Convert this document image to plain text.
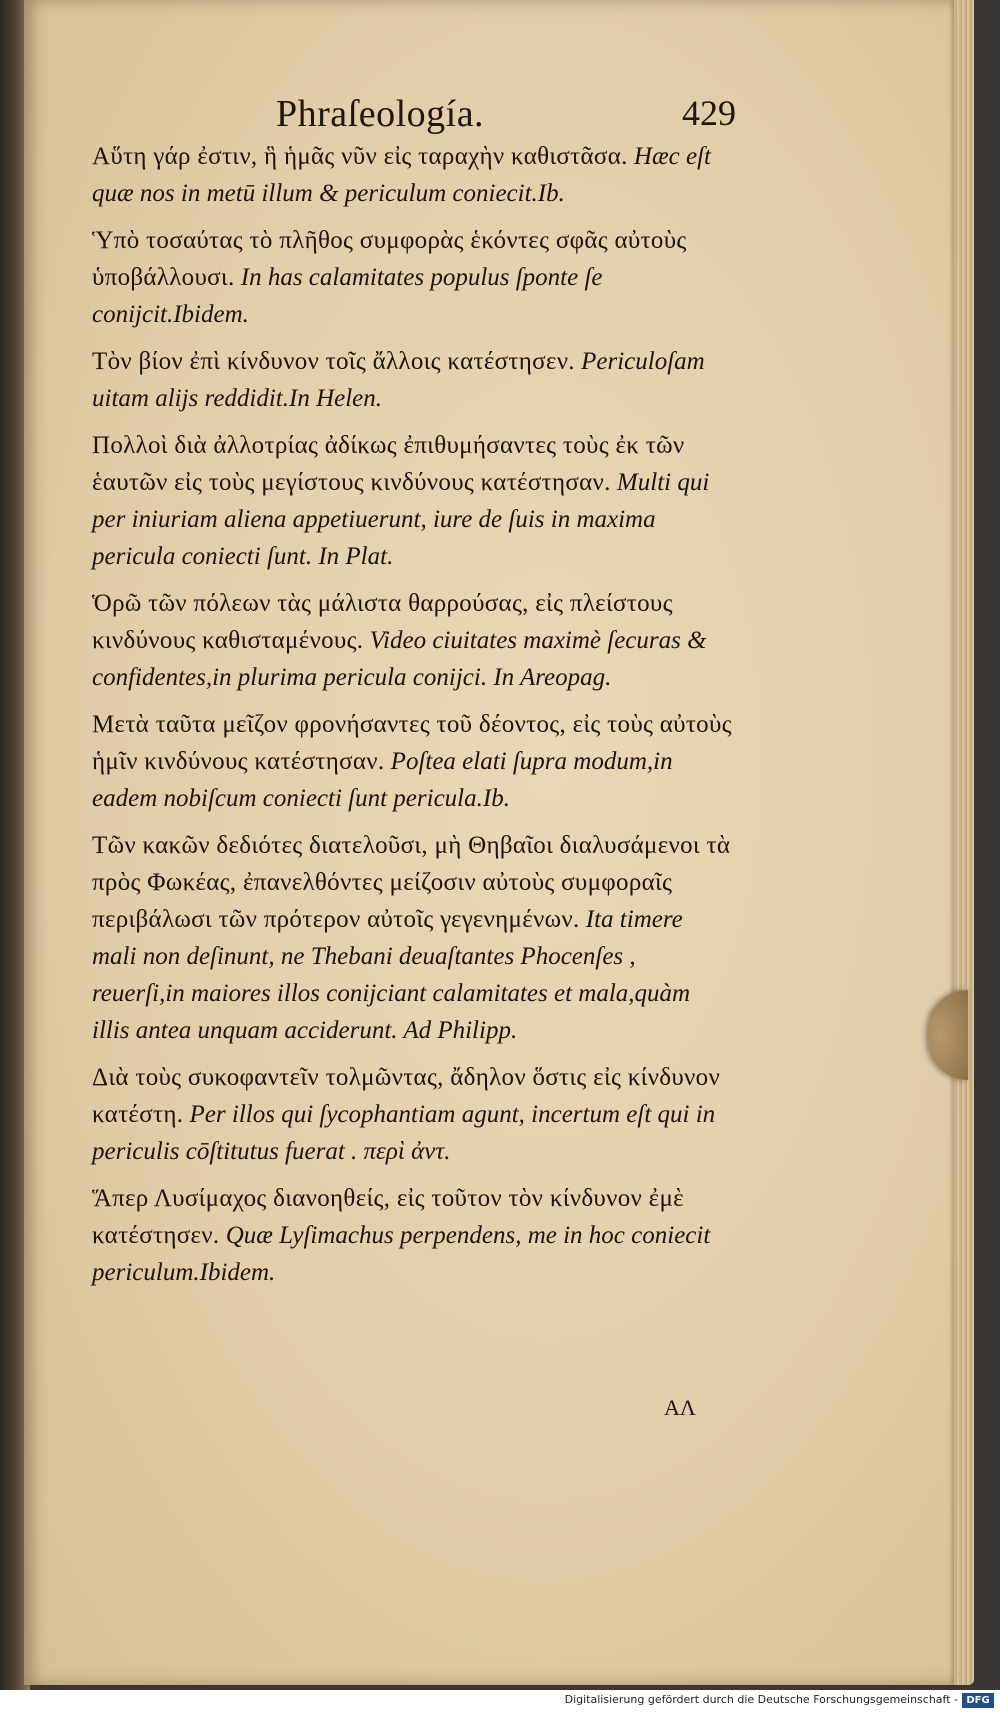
Phraſeología.	429

Αὕτη γάρ ἐστιν, ἣ ἡμᾶς νῦν εἰς ταραχὴν καθιστᾶσα. Hæc eſt quæ nos in metū illum & periculum coniecit.Ib.

Ὑπὸ τοσαύτας τὸ πλῆθος συμφορὰς ἑκόντες σφᾶς αὐτοὺς ὑποβάλλουσι. In has calamitates populus ſponte ſe conijcit.Ibidem.

Τὸν βίον ἐπὶ κίνδυνον τοῖς ἄλλοις κατέστησεν. Periculoſam uitam alijs reddidit.In Helen.

Πολλοὶ διὰ ἀλλοτρίας ἀδίκως ἐπιθυμήσαντες τοὺς ἐκ τῶν ἑαυτῶν εἰς τοὺς μεγίστους κινδύνους κατέστησαν. Multi qui per iniuriam aliena appetiuerunt, iure de ſuis in maxima pericula coniecti ſunt. In Plat.

Ὁρῶ τῶν πόλεων τὰς μάλιστα θαρρούσας, εἰς πλείστους κινδύνους καθισταμένους. Video ciuitates maximè ſecuras & confidentes,in plurima pericula conijci. In Areopag.

Μετὰ ταῦτα μεῖζον φρονήσαντες τοῦ δέοντος, εἰς τοὺς αὐτοὺς ἡμῖν κινδύνους κατέστησαν. Poſtea elati ſupra modum,in eadem nobiſcum coniecti ſunt pericula.Ib.

Τῶν κακῶν δεδιότες διατελοῦσι, μὴ Θηβαῖοι διαλυσάμενοι τὰ πρὸς Φωκέας, ἐπανελθόντες μείζοσιν αὐτοὺς συμφοραῖς περιβάλωσι τῶν πρότερον αὐτοῖς γεγενημένων. Ita timere mali non deſinunt, ne Thebani deuaſtantes Phocenſes , reuerſi,in maiores illos conijciant calamitates et mala,quàm illis antea unquam acciderunt. Ad Philipp.

Διὰ τοὺς συκοφαντεῖν τολμῶντας, ἄδηλον ὅστις εἰς κίνδυνον κατέστη. Per illos qui ſycophantiam agunt, incertum eſt qui in periculis cōſtitutus fuerat . περὶ ἀντ.

Ἅπερ Λυσίμαχος διανοηθείς, εἰς τοῦτον τὸν κίνδυνον ἐμὲ κατέστησεν. Quæ Lyſimachus perpendens, me in hoc coniecit periculum.Ibidem.

ΑΛ
Digitalisierung gefördert durch die Deutsche Forschungsgemeinschaft - DFG
